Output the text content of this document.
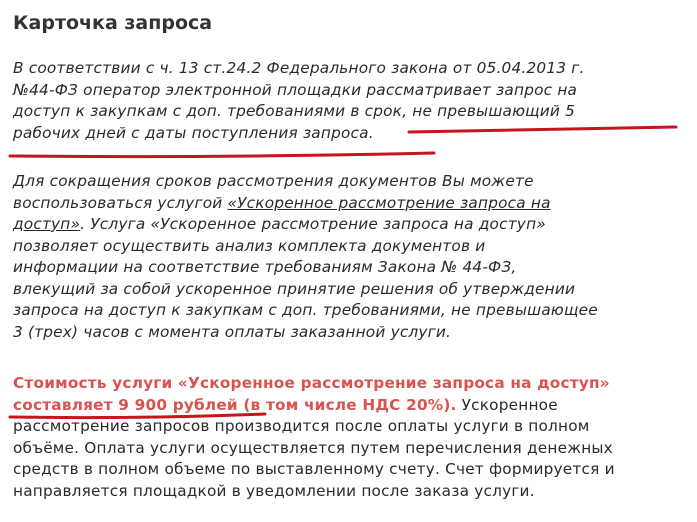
Карточка запроса

В соответствии с ч. 13 ст.24.2 Федерального закона от 05.04.2013 г.
№44-ФЗ оператор электронной площадки рассматривает запрос на
доступ к закупкам с доп. требованиями в срок, не превышающий 5
рабочих дней с даты поступления запроса.

Для сокращения сроков рассмотрения документов Вы можете
воспользоваться услугой «Ускоренное рассмотрение запроса на
доступ». Услуга «Ускоренное рассмотрение запроса на доступ»
позволяет осуществить анализ комплекта документов и
информации на соответствие требованиям Закона № 44-ФЗ,
влекущий за собой ускоренное принятие решения об утверждении
запроса на доступ к закупкам с доп. требованиями, не превышающее
3 (трех) часов с момента оплаты заказанной услуги.

Стоимость услуги «Ускоренное рассмотрение запроса на доступ»
составляет 9 900 рублей (в том числе НДС 20%). Ускоренное
рассмотрение запросов производится после оплаты услуги в полном
объёме. Оплата услуги осуществляется путем перечисления денежных
средств в полном объеме по выставленному счету. Счет формируется и
направляется площадкой в уведомлении после заказа услуги.
